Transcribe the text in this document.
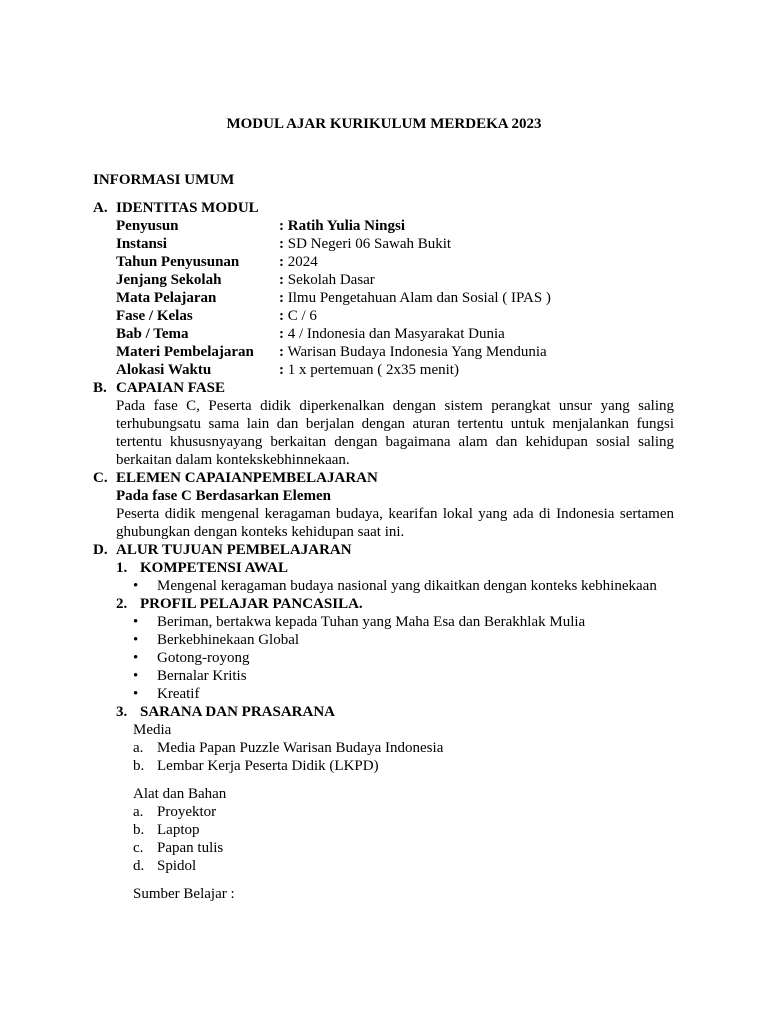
MODUL AJAR KURIKULUM MERDEKA 2023
INFORMASI UMUM
A. IDENTITAS MODUL
Penyusun	: Ratih Yulia Ningsi
Instansi	: SD Negeri 06 Sawah Bukit
Tahun Penyusunan	: 2024
Jenjang Sekolah	: Sekolah Dasar
Mata Pelajaran	: Ilmu Pengetahuan Alam dan Sosial ( IPAS )
Fase / Kelas	: C / 6
Bab / Tema	: 4 / Indonesia dan Masyarakat Dunia
Materi Pembelajaran	: Warisan Budaya Indonesia Yang Mendunia
Alokasi Waktu	: 1 x pertemuan ( 2x35 menit)
B. CAPAIAN FASE
Pada fase C, Peserta didik diperkenalkan dengan sistem perangkat unsur yang saling terhubungsatu sama lain dan berjalan dengan aturan tertentu untuk menjalankan fungsi tertentu khususnyayang berkaitan dengan bagaimana alam dan kehidupan sosial saling berkaitan dalam kontekskebhinnekaan.
C. ELEMEN CAPAIANPEMBELAJARAN
Pada fase C Berdasarkan Elemen
Peserta didik mengenal keragaman budaya, kearifan lokal yang ada di Indonesia sertamen ghubungkan dengan konteks kehidupan saat ini.
D. ALUR TUJUAN PEMBELAJARAN
1. KOMPETENSI AWAL
•	Mengenal keragaman budaya nasional yang dikaitkan dengan konteks kebhinekaan
2. PROFIL PELAJAR PANCASILA.
•	Beriman, bertakwa kepada Tuhan yang Maha Esa dan Berakhlak Mulia
•	Berkebhinekaan Global
•	Gotong-royong
•	Bernalar Kritis
•	Kreatif
3. SARANA DAN PRASARANA
Media
a. Media Papan Puzzle Warisan Budaya Indonesia
b. Lembar Kerja Peserta Didik (LKPD)
Alat dan Bahan
a. Proyektor
b. Laptop
c. Papan tulis
d. Spidol
Sumber Belajar :
